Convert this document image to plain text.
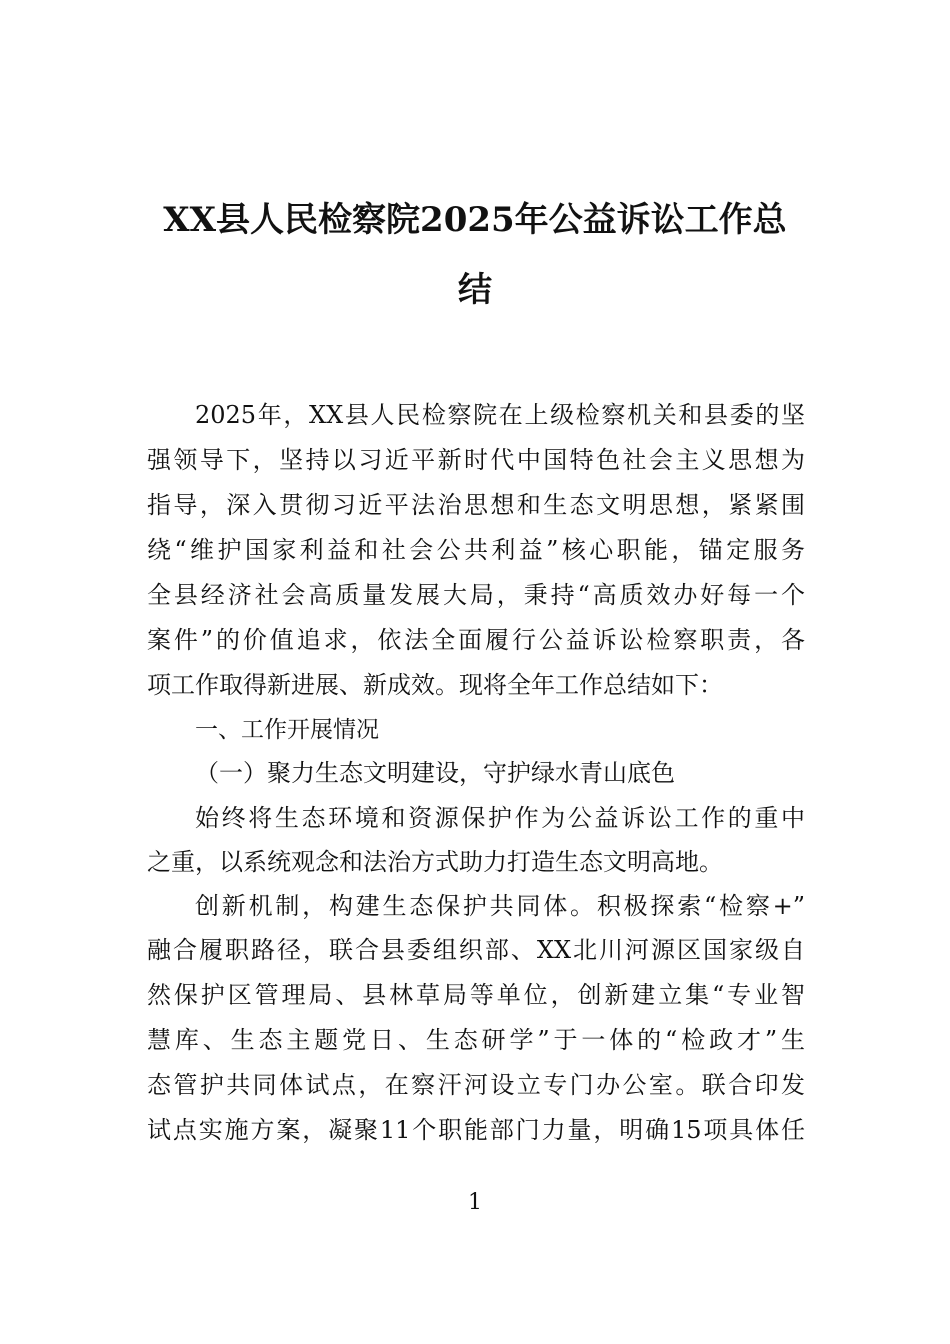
XX县人民检察院2025年公益诉讼工作总
结
2025年，XX县人民检察院在上级检察机关和县委的坚
强领导下，坚持以习近平新时代中国特色社会主义思想为
指导，深入贯彻习近平法治思想和生态文明思想，紧紧围
绕“维护国家利益和社会公共利益”核心职能，锚定服务
全县经济社会高质量发展大局，秉持“高质效办好每一个
案件”的价值追求，依法全面履行公益诉讼检察职责，各
项工作取得新进展、新成效。现将全年工作总结如下：
一、工作开展情况
（一）聚力生态文明建设，守护绿水青山底色
始终将生态环境和资源保护作为公益诉讼工作的重中
之重，以系统观念和法治方式助力打造生态文明高地。
创新机制，构建生态保护共同体。积极探索“检察+”
融合履职路径，联合县委组织部、XX北川河源区国家级自
然保护区管理局、县林草局等单位，创新建立集“专业智
慧库、生态主题党日、生态研学”于一体的“检政才”生
态管护共同体试点，在察汗河设立专门办公室。联合印发
试点实施方案，凝聚11个职能部门力量，明确15项具体任
1
